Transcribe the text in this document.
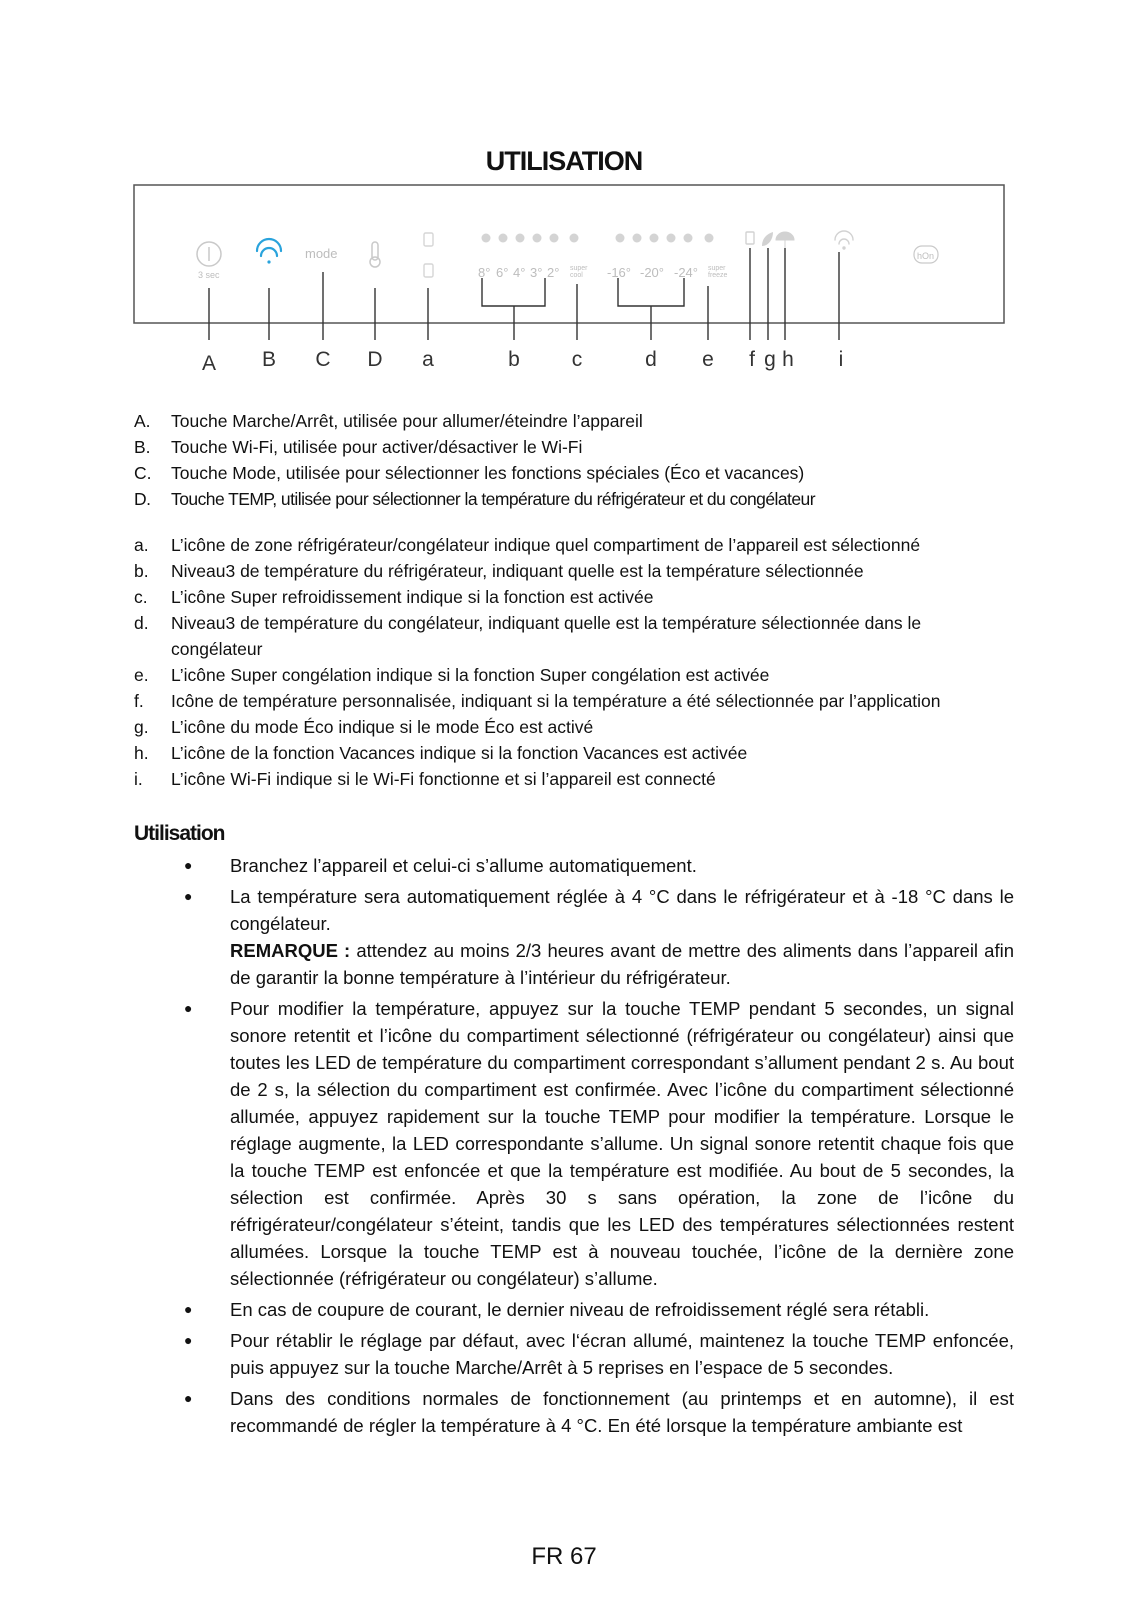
UTILISATION
3 sec
mode
8° 6° 4° 3° 2° super
cool -16° -20° -24° super
freeze
hOn
A B C D a	b c	d e f g h i
A. Touche Marche/Arrêt, utilisée pour allumer/éteindre l’appareil
B. Touche Wi-Fi, utilisée pour activer/désactiver le Wi-Fi
C. Touche Mode, utilisée pour sélectionner les fonctions spéciales (Éco et vacances)
D. Touche TEMP, utilisée pour sélectionner la température du réfrigérateur et du congélateur
a. L’icône de zone réfrigérateur/congélateur indique quel compartiment de l’appareil est sélectionné
b. Niveau3 de température du réfrigérateur, indiquant quelle est la température sélectionnée
c. L’icône Super refroidissement indique si la fonction est activée
d. Niveau3 de température du congélateur, indiquant quelle est la température sélectionnée dans le congélateur
e. L’icône Super congélation indique si la fonction Super congélation est activée
f. Icône de température personnalisée, indiquant si la température a été sélectionnée par l’application
g. L’icône du mode Éco indique si le mode Éco est activé
h. L’icône de la fonction Vacances indique si la fonction Vacances est activée
i. L’icône Wi-Fi indique si le Wi-Fi fonctionne et si l’appareil est connecté
Utilisation
● Branchez l’appareil et celui-ci s’allume automatiquement.
● La température sera automatiquement réglée à 4 °C dans le réfrigérateur et à -18 °C dans le congélateur.
REMARQUE : attendez au moins 2/3 heures avant de mettre des aliments dans l’appareil afin de garantir la bonne température à l’intérieur du réfrigérateur.
● Pour modifier la température, appuyez sur la touche TEMP pendant 5 secondes, un signal sonore retentit et l’icône du compartiment sélectionné (réfrigérateur ou congélateur) ainsi que toutes les LED de température du compartiment correspondant s’allument pendant 2 s. Au bout de 2 s, la sélection du compartiment est confirmée. Avec l’icône du compartiment sélectionné allumée, appuyez rapidement sur la touche TEMP pour modifier la température. Lorsque le réglage augmente, la LED correspondante s’allume. Un signal sonore retentit chaque fois que la touche TEMP est enfoncée et que la température est modifiée. Au bout de 5 secondes, la sélection est confirmée. Après 30 s sans opération, la zone de l’icône du réfrigérateur/congélateur s’éteint, tandis que les LED des températures sélectionnées restent allumées. Lorsque la touche TEMP est à nouveau touchée, l’icône de la dernière zone sélectionnée (réfrigérateur ou congélateur) s’allume.
● En cas de coupure de courant, le dernier niveau de refroidissement réglé sera rétabli.
● Pour rétablir le réglage par défaut, avec l‘écran allumé, maintenez la touche TEMP enfoncée, puis appuyez sur la touche Marche/Arrêt à 5 reprises en l’espace de 5 secondes.
● Dans des conditions normales de fonctionnement (au printemps et en automne), il est recommandé de régler la température à 4 °C. En été lorsque la température ambiante est
FR 67
